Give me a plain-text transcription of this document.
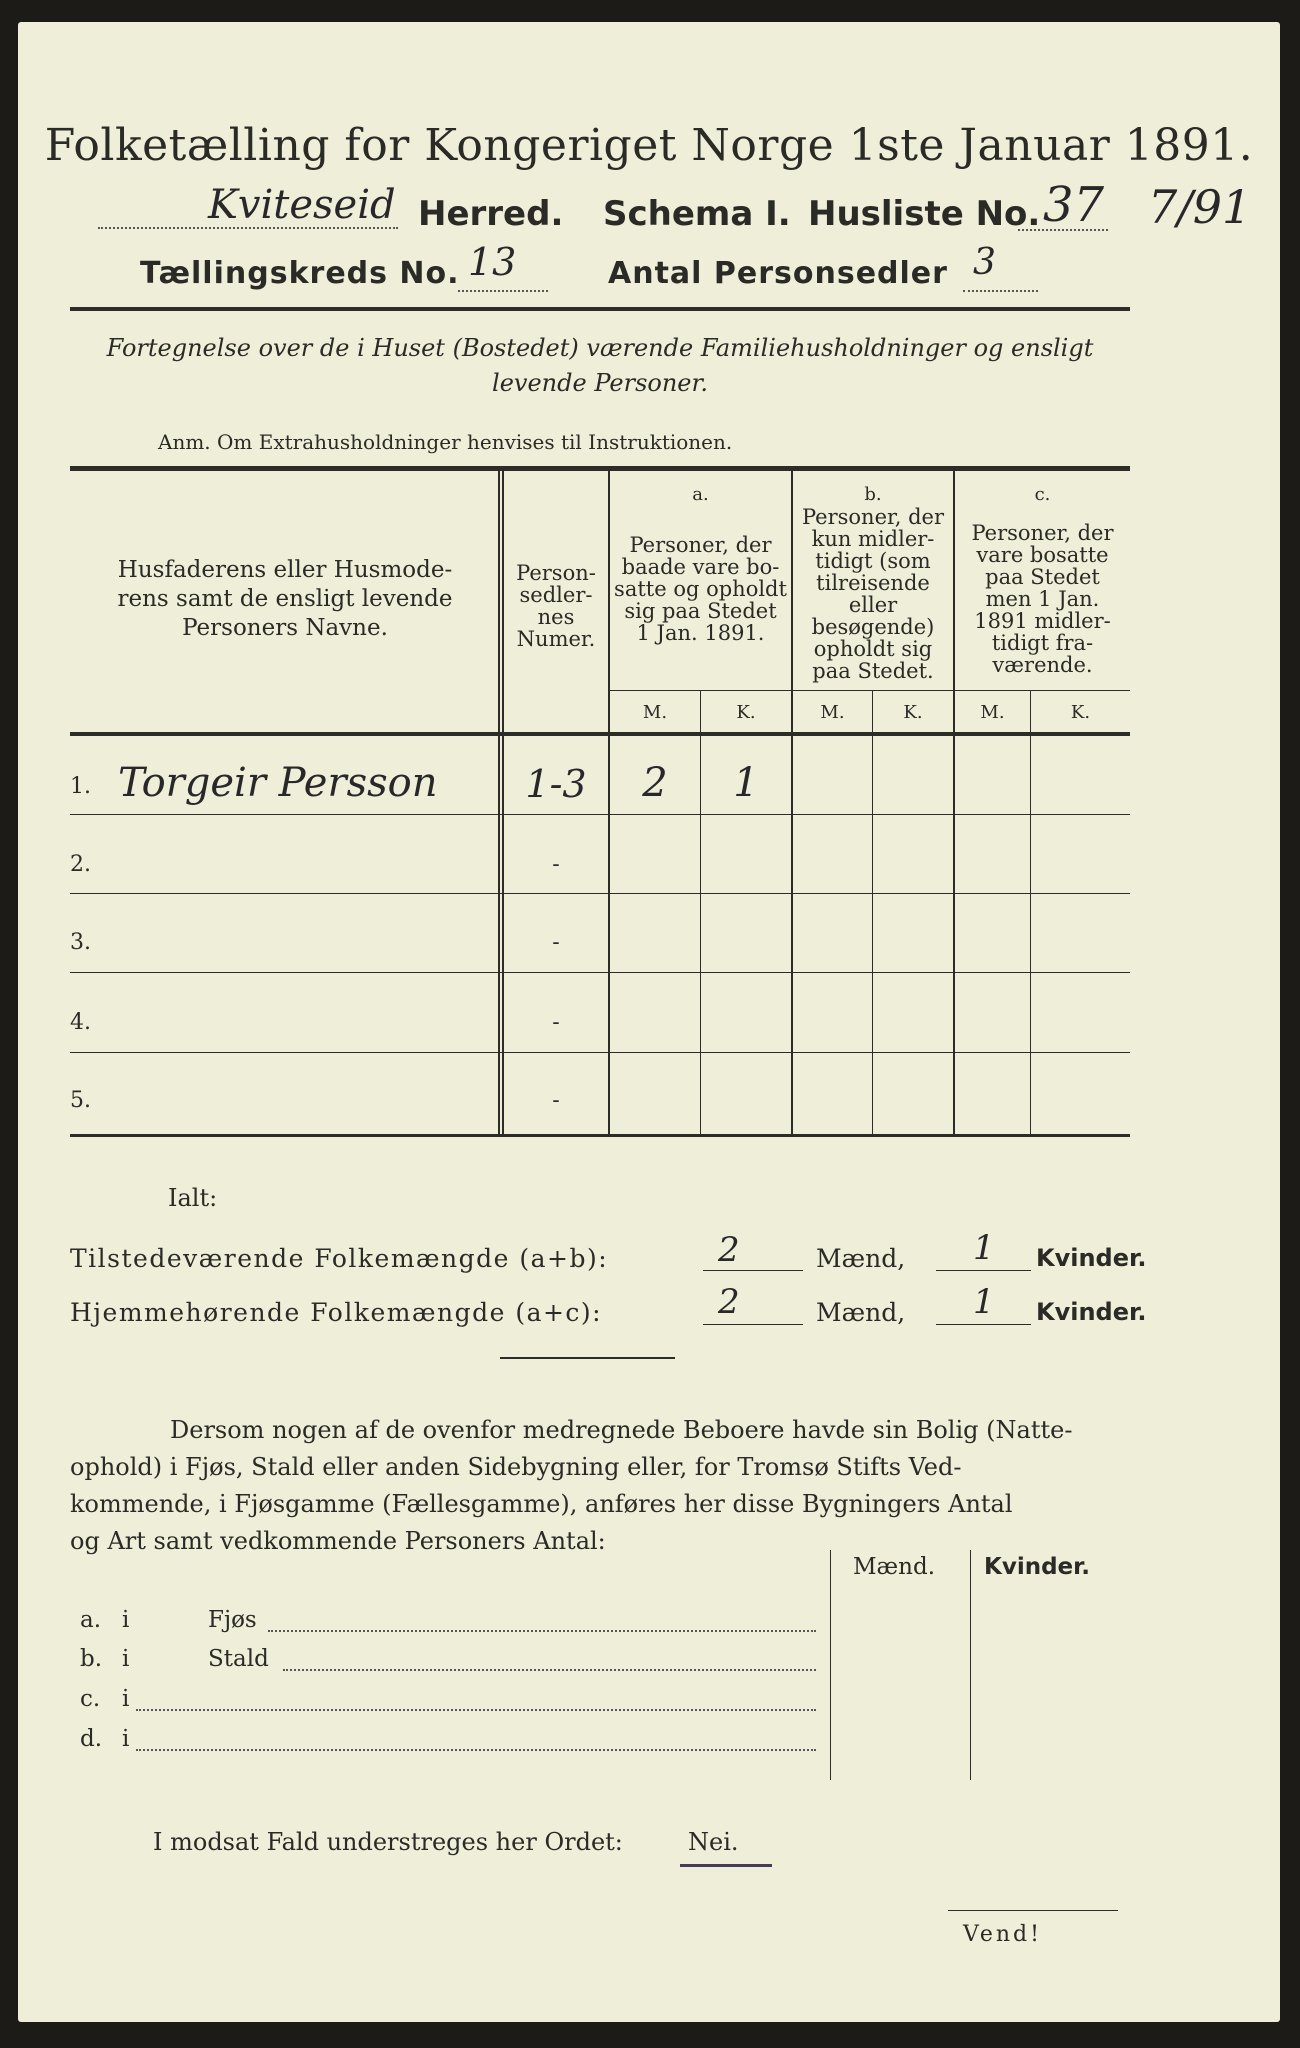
Folketælling for Kongeriget Norge 1ste Januar 1891.
Kviteseid Herred. Schema I. Husliste No. 37 7/91
Tællingskreds No. 13	Antal Personsedler 3
Fortegnelse over de i Huset (Bostedet) værende Familiehusholdninger og ensligt
levende Personer.
Anm. Om Extrahusholdninger henvises til Instruktionen.
Husfaderens eller Husmode-
rens samt de ensligt levende
Personers Navne.
Person-
sedler-
nes
Numer.
a.
Personer, der
baade vare bo-
satte og opholdt
sig paa Stedet
1 Jan. 1891.
b.
Personer, der
kun midler-
tidigt (som
tilreisende
eller
besøgende)
opholdt sig
paa Stedet.
c.
Personer, der
vare bosatte
paa Stedet
men 1 Jan.
1891 midler-
tidigt fra-
værende.
M.	K.	M.	K.	M.	K.
1. Torgeir Persson	1-3	2	1
2.	-
3.	-
4.	-
5.	-
Ialt:
Tilstedeværende Folkemængde (a+b):	2	Mænd, 1 Kvinder.
Hjemmehørende Folkemængde (a+c):	2	Mænd, 1 Kvinder.
Dersom nogen af de ovenfor medregnede Beboere havde sin Bolig (Natte-
ophold) i Fjøs, Stald eller anden Sidebygning eller, for Tromsø Stifts Ved-
kommende, i Fjøsgamme (Fællesgamme), anføres her disse Bygningers Antal
og Art samt vedkommende Personers Antal:
Mænd. Kvinder.
a. i	Fjøs
b. i	Stald
c. i
d. i
I modsat Fald understreges her Ordet:	Nei.
Vend!
